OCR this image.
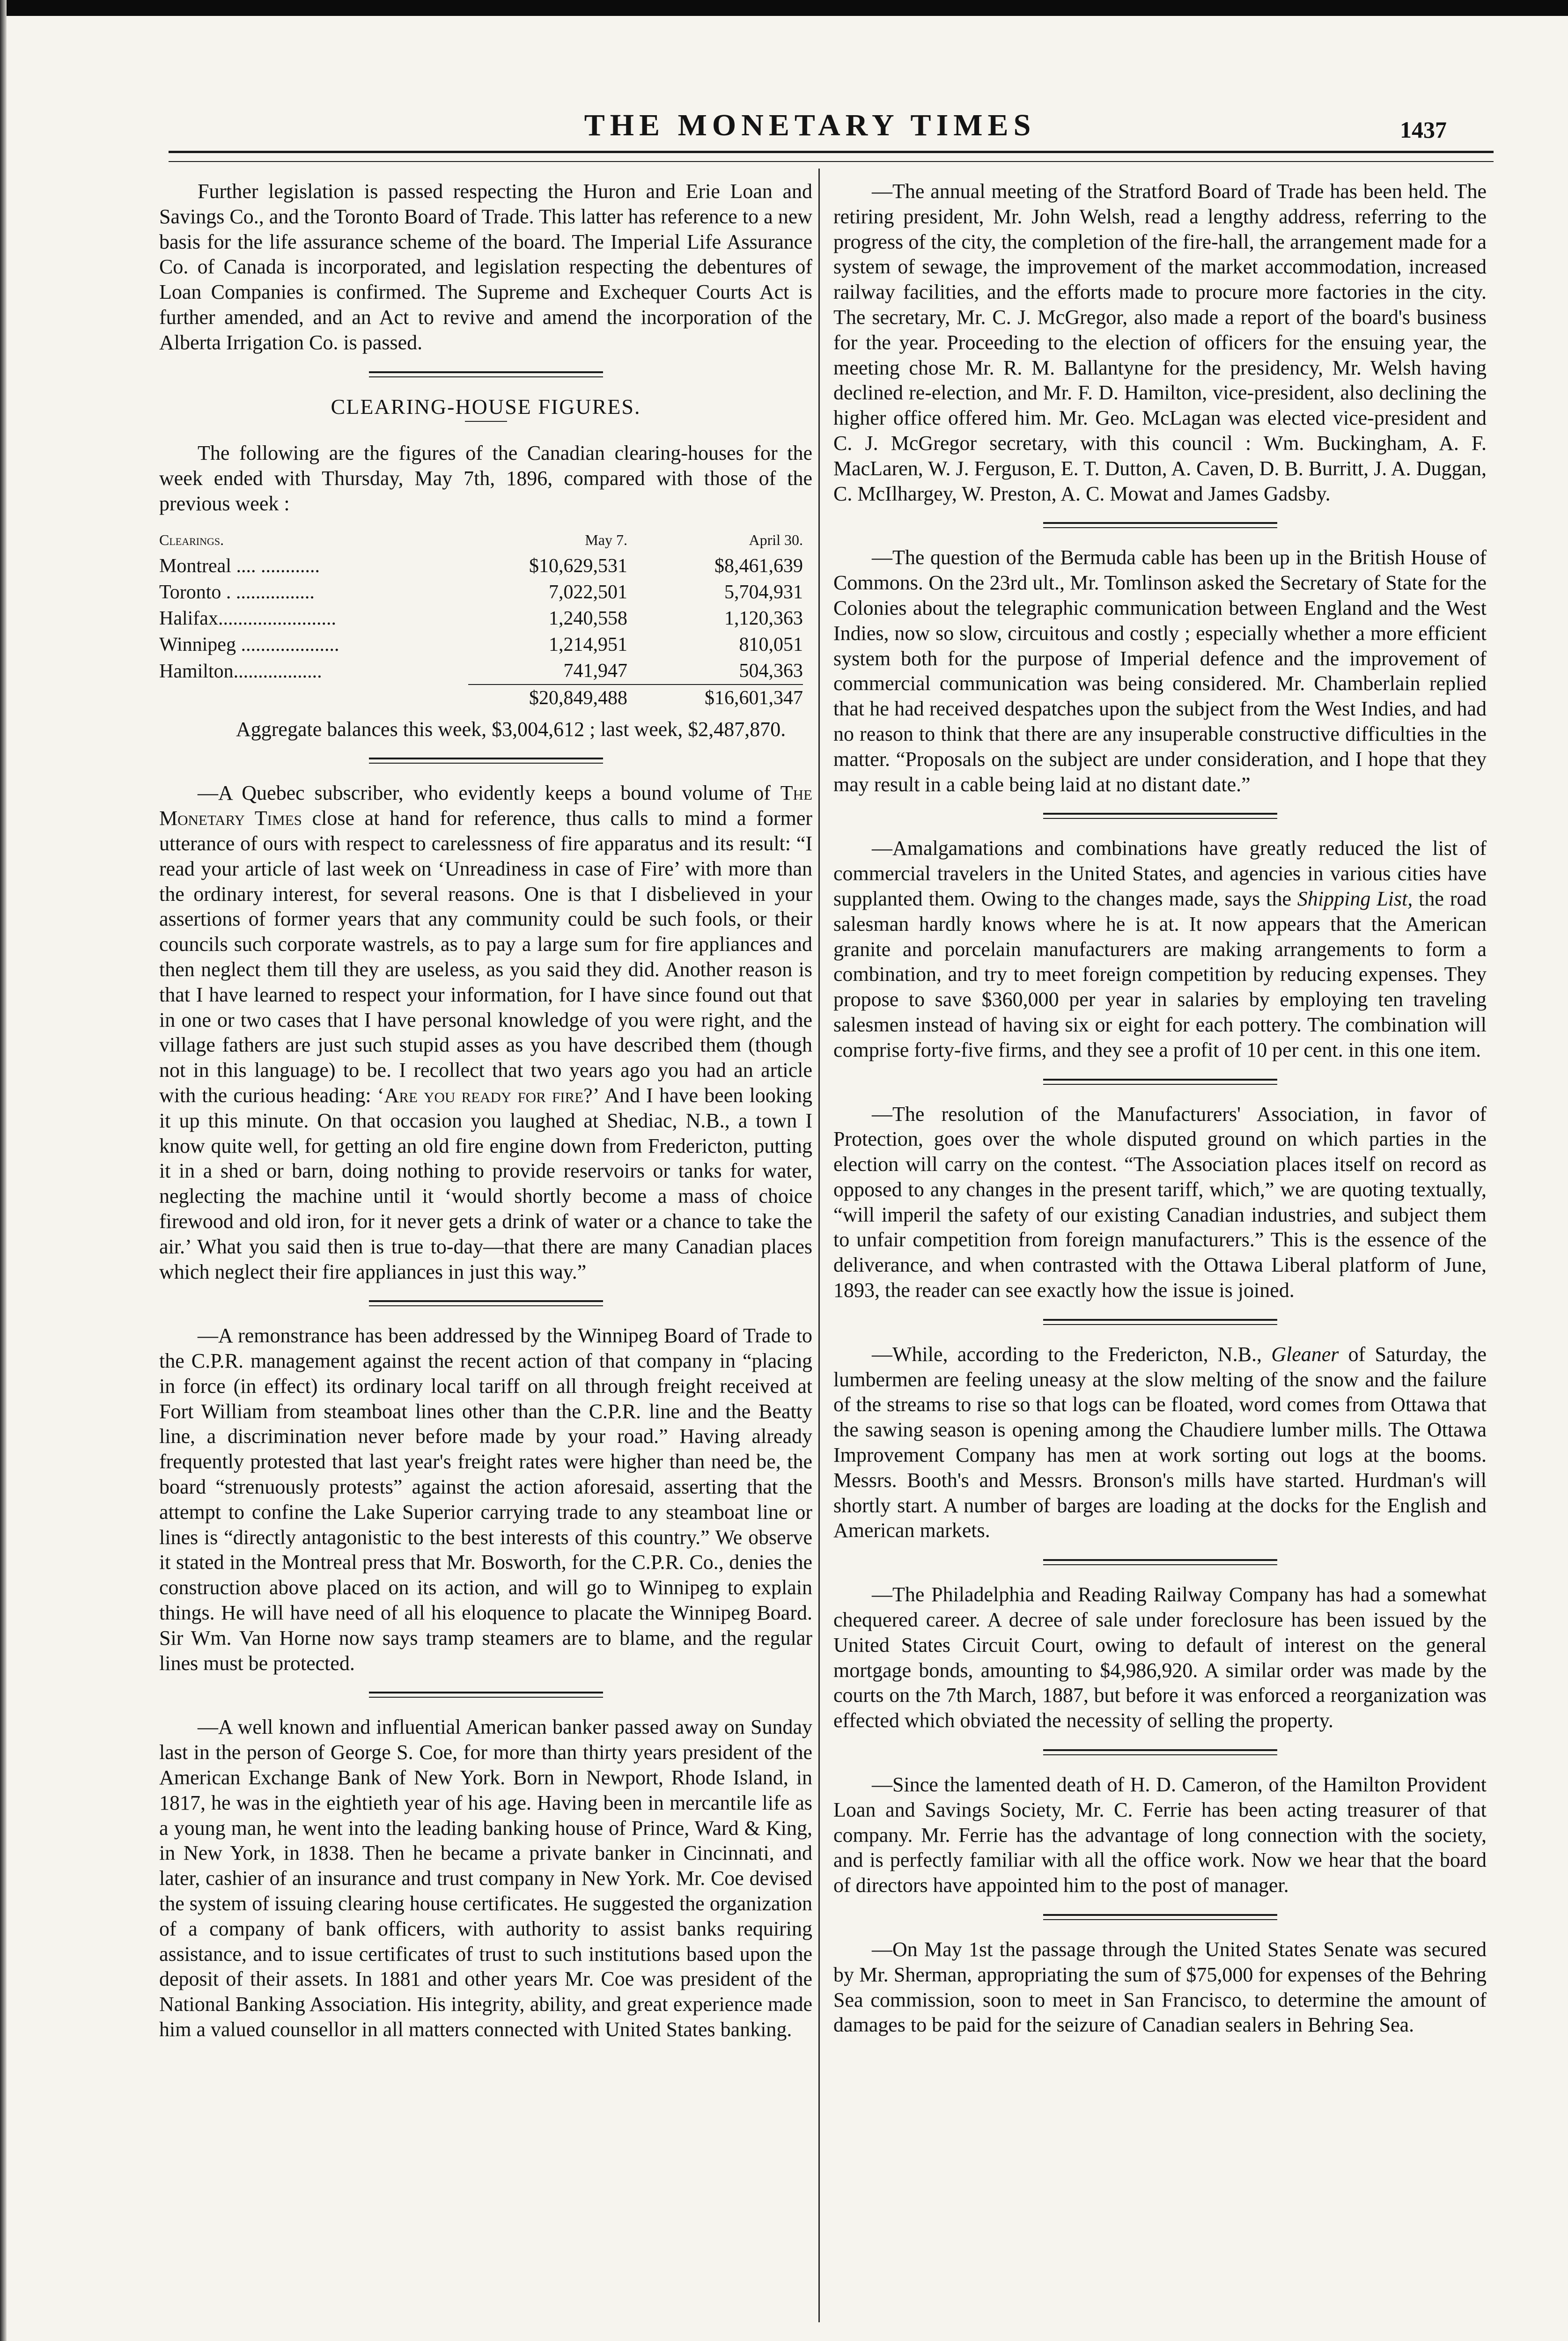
THE MONETARY TIMES	1437

Further legislation is passed respecting the Huron and Erie Loan and Savings Co., and the Toronto Board of Trade. This latter has reference to a new basis for the life assurance scheme of the board. The Imperial Life Assurance Co. of Canada is incorporated, and legislation respecting the debentures of Loan Companies is confirmed. The Supreme and Exchequer Courts Act is further amended, and an Act to revive and amend the incorporation of the Alberta Irrigation Co. is passed.

CLEARING-HOUSE FIGURES.

The following are the figures of the Canadian clearing-houses for the week ended with Thursday, May 7th, 1896, compared with those of the previous week :

Clearings.	May 7.	April 30.
Montreal .... ............	$10,629,531	$8,461,639
Toronto . ................	7,022,501	5,704,931
Halifax........................	1,240,558	1,120,363
Winnipeg ....................	1,214,951	810,051
Hamilton..................	741,947	504,363
	$20,849,488	$16,601,347

Aggregate balances this week, $3,004,612 ; last week, $2,487,870.

—A Quebec subscriber, who evidently keeps a bound volume of The Monetary Times close at hand for reference, thus calls to mind a former utterance of ours with respect to carelessness of fire apparatus and its result: “I read your article of last week on ‘Unreadiness in case of Fire’ with more than the ordinary interest, for several reasons. One is that I disbelieved in your assertions of former years that any community could be such fools, or their councils such corporate wastrels, as to pay a large sum for fire appliances and then neglect them till they are useless, as you said they did. Another reason is that I have learned to respect your information, for I have since found out that in one or two cases that I have personal knowledge of you were right, and the village fathers are just such stupid asses as you have described them (though not in this language) to be. I recollect that two years ago you had an article with the curious heading: ‘Are you ready for fire?’ And I have been looking it up this minute. On that occasion you laughed at Shediac, N.B., a town I know quite well, for getting an old fire engine down from Fredericton, putting it in a shed or barn, doing nothing to provide reservoirs or tanks for water, neglecting the machine until it ‘would shortly become a mass of choice firewood and old iron, for it never gets a drink of water or a chance to take the air.’ What you said then is true to-day—that there are many Canadian places which neglect their fire appliances in just this way.”

—A remonstrance has been addressed by the Winnipeg Board of Trade to the C.P.R. management against the recent action of that company in “placing in force (in effect) its ordinary local tariff on all through freight received at Fort William from steamboat lines other than the C.P.R. line and the Beatty line, a discrimination never before made by your road.” Having already frequently protested that last year's freight rates were higher than need be, the board “strenuously protests” against the action aforesaid, asserting that the attempt to confine the Lake Superior carrying trade to any steamboat line or lines is “directly antagonistic to the best interests of this country.” We observe it stated in the Montreal press that Mr. Bosworth, for the C.P.R. Co., denies the construction above placed on its action, and will go to Winnipeg to explain things. He will have need of all his eloquence to placate the Winnipeg Board. Sir Wm. Van Horne now says tramp steamers are to blame, and the regular lines must be protected.

—A well known and influential American banker passed away on Sunday last in the person of George S. Coe, for more than thirty years president of the American Exchange Bank of New York. Born in Newport, Rhode Island, in 1817, he was in the eightieth year of his age. Having been in mercantile life as a young man, he went into the leading banking house of Prince, Ward & King, in New York, in 1838. Then he became a private banker in Cincinnati, and later, cashier of an insurance and trust company in New York. Mr. Coe devised the system of issuing clearing house certificates. He suggested the organization of a company of bank officers, with authority to assist banks requiring assistance, and to issue certificates of trust to such institutions based upon the deposit of their assets. In 1881 and other years Mr. Coe was president of the National Banking Association. His integrity, ability, and great experience made him a valued counsellor in all matters connected with United States banking.

—The annual meeting of the Stratford Board of Trade has been held. The retiring president, Mr. John Welsh, read a lengthy address, referring to the progress of the city, the completion of the fire-hall, the arrangement made for a system of sewage, the improvement of the market accommodation, increased railway facilities, and the efforts made to procure more factories in the city. The secretary, Mr. C. J. McGregor, also made a report of the board's business for the year. Proceeding to the election of officers for the ensuing year, the meeting chose Mr. R. M. Ballantyne for the presidency, Mr. Welsh having declined re-election, and Mr. F. D. Hamilton, vice-president, also declining the higher office offered him. Mr. Geo. McLagan was elected vice-president and C. J. McGregor secretary, with this council : Wm. Buckingham, A. F. MacLaren, W. J. Ferguson, E. T. Dutton, A. Caven, D. B. Burritt, J. A. Duggan, C. McIlhargey, W. Preston, A. C. Mowat and James Gadsby.

—The question of the Bermuda cable has been up in the British House of Commons. On the 23rd ult., Mr. Tomlinson asked the Secretary of State for the Colonies about the telegraphic communication between England and the West Indies, now so slow, circuitous and costly ; especially whether a more efficient system both for the purpose of Imperial defence and the improvement of commercial communication was being considered. Mr. Chamberlain replied that he had received despatches upon the subject from the West Indies, and had no reason to think that there are any insuperable constructive difficulties in the matter. “Proposals on the subject are under consideration, and I hope that they may result in a cable being laid at no distant date.”

—Amalgamations and combinations have greatly reduced the list of commercial travelers in the United States, and agencies in various cities have supplanted them. Owing to the changes made, says the Shipping List, the road salesman hardly knows where he is at. It now appears that the American granite and porcelain manufacturers are making arrangements to form a combination, and try to meet foreign competition by reducing expenses. They propose to save $360,000 per year in salaries by employing ten traveling salesmen instead of having six or eight for each pottery. The combination will comprise forty-five firms, and they see a profit of 10 per cent. in this one item.

—The resolution of the Manufacturers' Association, in favor of Protection, goes over the whole disputed ground on which parties in the election will carry on the contest. “The Association places itself on record as opposed to any changes in the present tariff, which,” we are quoting textually, “will imperil the safety of our existing Canadian industries, and subject them to unfair competition from foreign manufacturers.” This is the essence of the deliverance, and when contrasted with the Ottawa Liberal platform of June, 1893, the reader can see exactly how the issue is joined.

—While, according to the Fredericton, N.B., Gleaner of Saturday, the lumbermen are feeling uneasy at the slow melting of the snow and the failure of the streams to rise so that logs can be floated, word comes from Ottawa that the sawing season is opening among the Chaudiere lumber mills. The Ottawa Improvement Company has men at work sorting out logs at the booms. Messrs. Booth's and Messrs. Bronson's mills have started. Hurdman's will shortly start. A number of barges are loading at the docks for the English and American markets.

—The Philadelphia and Reading Railway Company has had a somewhat chequered career. A decree of sale under foreclosure has been issued by the United States Circuit Court, owing to default of interest on the general mortgage bonds, amounting to $4,986,920. A similar order was made by the courts on the 7th March, 1887, but before it was enforced a reorganization was effected which obviated the necessity of selling the property.

—Since the lamented death of H. D. Cameron, of the Hamilton Provident Loan and Savings Society, Mr. C. Ferrie has been acting treasurer of that company. Mr. Ferrie has the advantage of long connection with the society, and is perfectly familiar with all the office work. Now we hear that the board of directors have appointed him to the post of manager.

—On May 1st the passage through the United States Senate was secured by Mr. Sherman, appropriating the sum of $75,000 for expenses of the Behring Sea commission, soon to meet in San Francisco, to determine the amount of damages to be paid for the seizure of Canadian sealers in Behring Sea.
